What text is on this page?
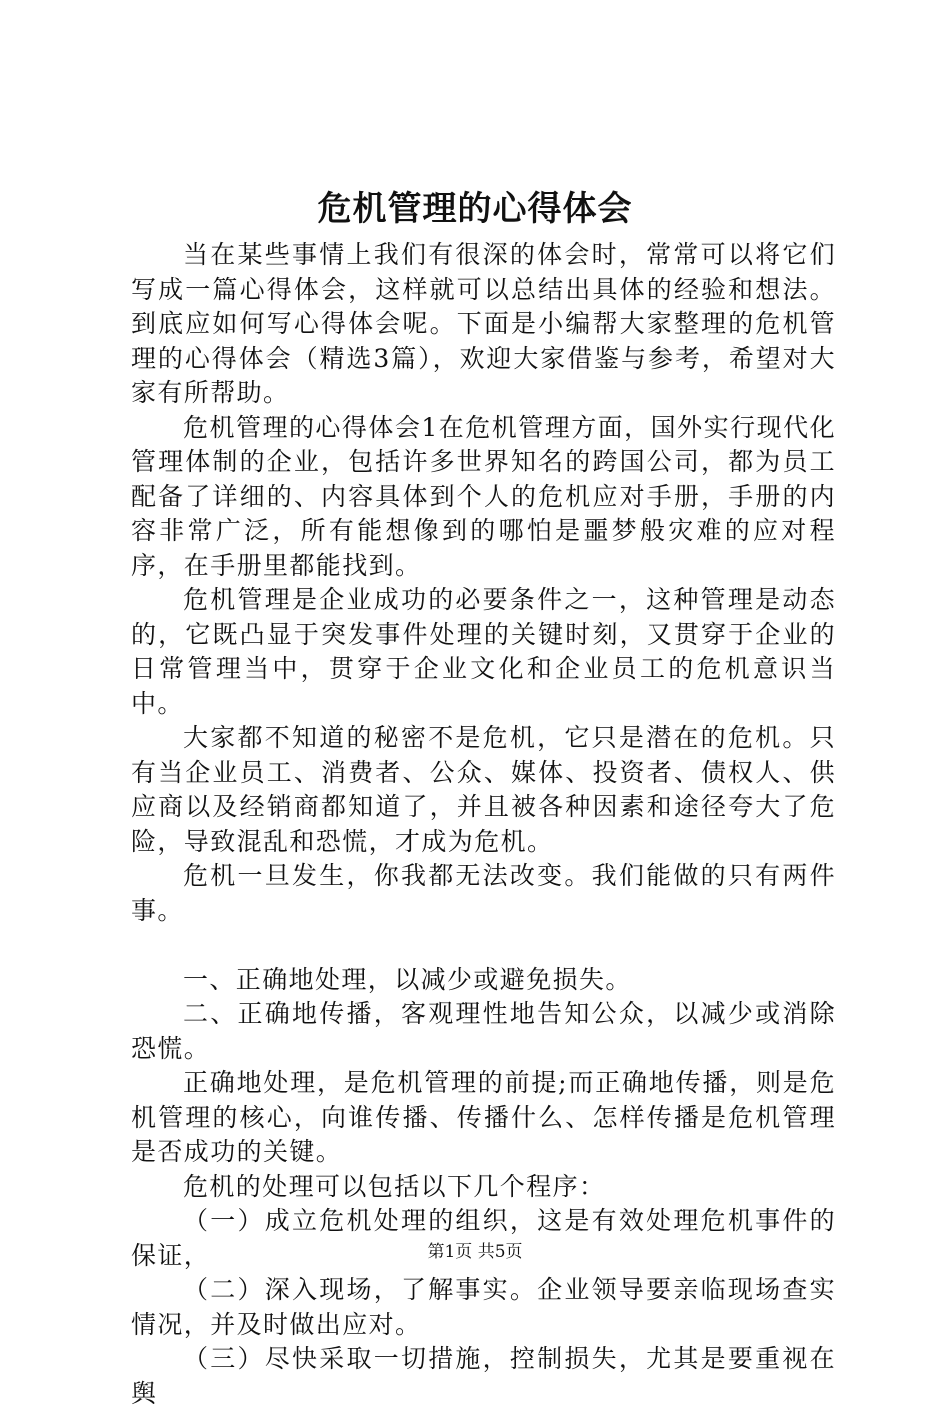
危机管理的心得体会

当在某些事情上我们有很深的体会时，常常可以将它们写成一篇心得体会，这样就可以总结出具体的经验和想法。到底应如何写心得体会呢。下面是小编帮大家整理的危机管理的心得体会（精选3篇），欢迎大家借鉴与参考，希望对大家有所帮助。

危机管理的心得体会1在危机管理方面，国外实行现代化管理体制的企业，包括许多世界知名的跨国公司，都为员工配备了详细的、内容具体到个人的危机应对手册，手册的内容非常广泛，所有能想像到的哪怕是噩梦般灾难的应对程序，在手册里都能找到。

危机管理是企业成功的必要条件之一，这种管理是动态的，它既凸显于突发事件处理的关键时刻，又贯穿于企业的日常管理当中，贯穿于企业文化和企业员工的危机意识当中。

大家都不知道的秘密不是危机，它只是潜在的危机。只有当企业员工、消费者、公众、媒体、投资者、债权人、供应商以及经销商都知道了，并且被各种因素和途径夸大了危险，导致混乱和恐慌，才成为危机。

危机一旦发生，你我都无法改变。我们能做的只有两件事。

一、正确地处理，以减少或避免损失。

二、正确地传播，客观理性地告知公众，以减少或消除恐慌。

正确地处理，是危机管理的前提;而正确地传播，则是危机管理的核心，向谁传播、传播什么、怎样传播是危机管理是否成功的关键。

危机的处理可以包括以下几个程序：

（一）成立危机处理的组织，这是有效处理危机事件的保证，

（二）深入现场，了解事实。企业领导要亲临现场查实情况，并及时做出应对。

（三）尽快采取一切措施，控制损失，尤其是要重视在舆

第1页 共5页
